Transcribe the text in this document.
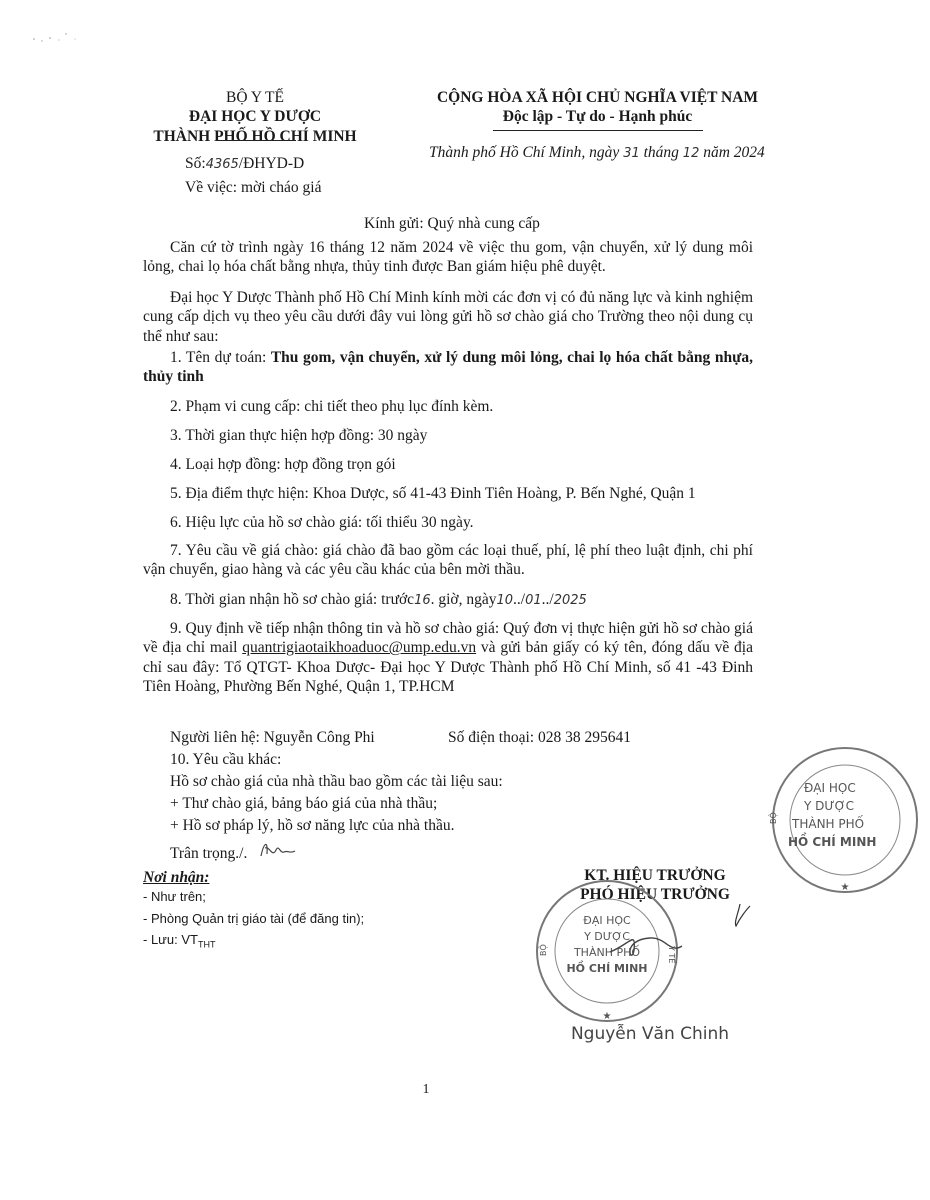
BỘ Y TẾ
ĐẠI HỌC Y DƯỢC
THÀNH PHỐ HỒ CHÍ MINH
Số:4365/ĐHYD-D
Về việc: mời cháo giá
CỘNG HÒA XÃ HỘI CHỦ NGHĨA VIỆT NAM
Độc lập - Tự do - Hạnh phúc
Thành phố Hồ Chí Minh, ngày 31 tháng 12 năm 2024
Kính gửi: Quý nhà cung cấp
Căn cứ tờ trình ngày 16 tháng 12 năm 2024 về việc thu gom, vận chuyển, xử lý dung môi lỏng, chai lọ hóa chất bằng nhựa, thủy tinh được Ban giám hiệu phê duyệt.
Đại học Y Dược Thành phố Hồ Chí Minh kính mời các đơn vị có đủ năng lực và kinh nghiệm cung cấp dịch vụ theo yêu cầu dưới đây vui lòng gửi hồ sơ chào giá cho Trường theo nội dung cụ thể như sau:
1. Tên dự toán: Thu gom, vận chuyển, xử lý dung môi lỏng, chai lọ hóa chất bằng nhựa, thủy tinh
2. Phạm vi cung cấp: chi tiết theo phụ lục đính kèm.
3. Thời gian thực hiện hợp đồng: 30 ngày
4. Loại hợp đồng: hợp đồng trọn gói
5. Địa điểm thực hiện: Khoa Dược, số 41-43 Đinh Tiên Hoàng, P. Bến Nghé, Quận 1
6. Hiệu lực của hồ sơ chào giá: tối thiểu 30 ngày.
7. Yêu cầu về giá chào: giá chào đã bao gồm các loại thuế, phí, lệ phí theo luật định, chi phí vận chuyển, giao hàng và các yêu cầu khác của bên mời thầu.
8. Thời gian nhận hồ sơ chào giá: trước16. giờ, ngày10../01../2025
9. Quy định về tiếp nhận thông tin và hồ sơ chào giá: Quý đơn vị thực hiện gửi hồ sơ chào giá về địa chỉ mail quantrigiaotaikhoaduoc@ump.edu.vn và gửi bản giấy có ký tên, đóng dấu về địa chỉ sau đây: Tổ QTGT- Khoa Dược- Đại học Y Dược Thành phố Hồ Chí Minh, số 41 -43 Đinh Tiên Hoàng, Phường Bến Nghé, Quận 1, TP.HCM
Người liên hệ: Nguyễn Công Phi	Số điện thoại: 028 38 295641
10. Yêu cầu khác:
Hồ sơ chào giá của nhà thầu bao gồm các tài liệu sau:
+ Thư chào giá, bảng báo giá của nhà thầu;
+ Hồ sơ pháp lý, hồ sơ năng lực của nhà thầu.
Trân trọng./.
Nơi nhận:
- Như trên;
- Phòng Quản trị giáo tài (để đăng tin);
- Lưu: $VT_{THT}$
KT. HIỆU TRƯỞNG
PHÓ HIỆU TRƯỞNG
★
ĐẠI HỌC
Y DƯỢC
THÀNH PHỐ
HỒ CHÍ MINH
BỘ	Y TẾ
Nguyễn Văn Chinh
★
ĐẠI HỌC
Y DƯỢC
THÀNH PHỐ
HỒ CHÍ MINH
BỘ
1
